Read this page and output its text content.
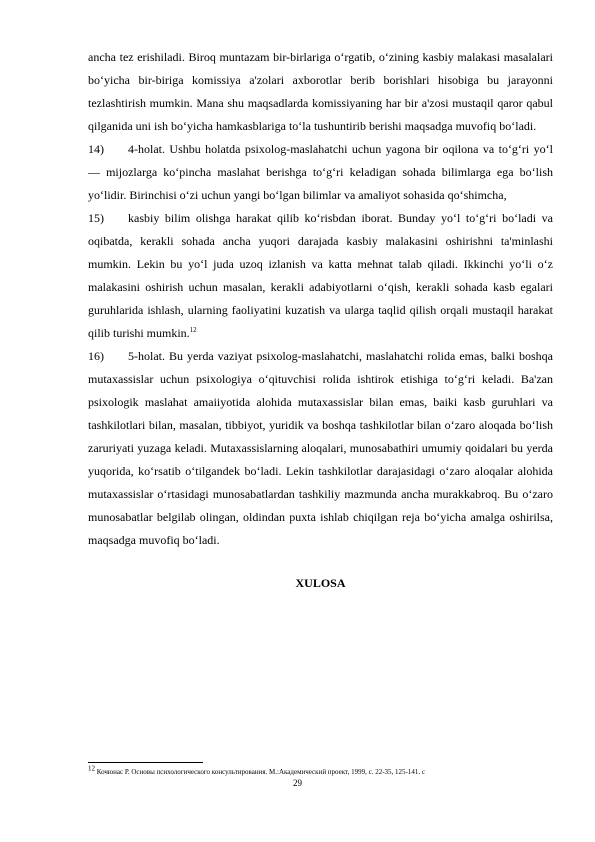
ancha tez erishiladi. Biroq muntazam bir-birlariga o‘rgatib, o‘zining kasbiy malakasi masalalari bo‘yicha bir-biriga komissiya a'zolari axborotlar berib borishlari hisobiga bu jarayonni tezlashtirish mumkin. Mana shu maqsadlarda komissiyaning har bir a'zosi mustaqil qaror qabul qilganida uni ish bo‘yicha hamkasblariga to‘la tushuntirib berishi maqsadga muvofiq bo‘ladi.

14) 4-holat. Ushbu holatda psixolog-maslahatchi uchun yagona bir oqilona va to‘g‘ri yo‘l — mijozlarga ko‘pincha maslahat berishga to‘g‘ri keladigan sohada bilimlarga ega bo‘lish yo‘lidir. Birinchisi o‘zi uchun yangi bo‘lgan bilimlar va amaliyot sohasida qo‘shimcha,

15) kasbiy bilim olishga harakat qilib ko‘risbdan iborat. Bunday yo‘l to‘g‘ri bo‘ladi va oqibatda, kerakli sohada ancha yuqori darajada kasbiy malakasini oshirishni ta'minlashi mumkin. Lekin bu yo‘l juda uzoq izlanish va katta mehnat talab qiladi. Ikkinchi yo‘li o‘z malakasini oshirish uchun masalan, kerakli adabiyotlarni o‘qish, kerakli sohada kasb egalari guruhlarida ishlash, ularning faoliyatini kuzatish va ularga taqlid qilish orqali mustaqil harakat qilib turishi mumkin.$^{12}$

16) 5-holat. Bu yerda vaziyat psixolog-maslahatchi, maslahatchi rolida emas, balki boshqa mutaxassislar uchun psixologiya o‘qituvchisi rolida ishtirok etishiga to‘g‘ri keladi. Ba'zan psixologik maslahat amaiiyotida alohida mutaxassislar bilan emas, baiki kasb guruhlari va tashkilotlari bilan, masalan, tibbiyot, yuridik va boshqa tashkilotlar bilan o‘zaro aloqada bo‘lish zaruriyati yuzaga keladi. Mutaxassislarning aloqalari, munosabathiri umumiy qoidalari bu yerda yuqorida, ko‘rsatib o‘tilgandek bo‘ladi. Lekin tashkilotlar darajasidagi o‘zaro aloqalar alohida mutaxassislar o‘rtasidagi munosabatlardan tashkiliy mazmunda ancha murakkabroq. Bu o‘zaro munosabatlar belgilab olingan, oldindan puxta ishlab chiqilgan reja bo‘yicha amalga oshirilsa, maqsadga muvofiq bo‘ladi.

XULOSA

$^{12}$ Кочюнас Р. Основы психологического консультирования. М.:Академический проект, 1999, с. 22-35, 125-141. с
29
